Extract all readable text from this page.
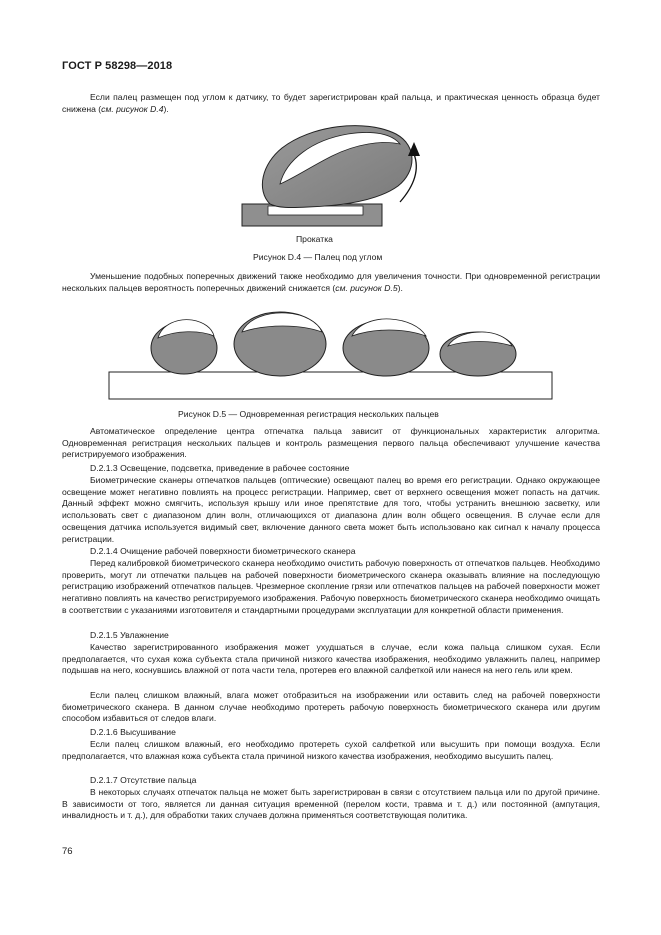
ГОСТ Р 58298—2018

Если палец размещен под углом к датчику, то будет зарегистрирован край пальца, и практическая ценность образца будет снижена (см. рисунок D.4).

Прокатка
Рисунок D.4 — Палец под углом

Уменьшение подобных поперечных движений также необходимо для увеличения точности. При одновременной регистрации нескольких пальцев вероятность поперечных движений снижается (см. рисунок D.5).

Рисунок D.5 — Одновременная регистрация нескольких пальцев

Автоматическое определение центра отпечатка пальца зависит от функциональных характеристик алгоритма. Одновременная регистрация нескольких пальцев и контроль размещения первого пальца обеспечивают улучшение качества регистрируемого изображения.

D.2.1.3 Освещение, подсветка, приведение в рабочее состояние

Биометрические сканеры отпечатков пальцев (оптические) освещают палец во время его регистрации. Однако окружающее освещение может негативно повлиять на процесс регистрации. Например, свет от верхнего освещения может попасть на датчик. Данный эффект можно смягчить, используя крышу или иное препятствие для того, чтобы устранить внешнюю засветку, или использовать свет с диапазоном длин волн, отличающихся от диапазона длин волн общего освещения. В случае если для освещения датчика используется видимый свет, включение данного света может быть использовано как сигнал к началу процесса регистрации.

D.2.1.4 Очищение рабочей поверхности биометрического сканера

Перед калибровкой биометрического сканера необходимо очистить рабочую поверхность от отпечатков пальцев. Необходимо проверить, могут ли отпечатки пальцев на рабочей поверхности биометрического сканера оказывать влияние на последующую регистрацию изображений отпечатков пальцев. Чрезмерное скопление грязи или отпечатков пальцев на рабочей поверхности может негативно повлиять на качество регистрируемого изображения. Рабочую поверхность биометрического сканера необходимо очищать в соответствии с указаниями изготовителя и стандартными процедурами эксплуатации для конкретной области применения.

D.2.1.5 Увлажнение

Качество зарегистрированного изображения может ухудшаться в случае, если кожа пальца слишком сухая. Если предполагается, что сухая кожа субъекта стала причиной низкого качества изображения, необходимо увлажнить палец, например подышав на него, коснувшись влажной от пота части тела, протерев его влажной салфеткой или нанеся на него гель или крем.

Если палец слишком влажный, влага может отобразиться на изображении или оставить след на рабочей поверхности биометрического сканера. В данном случае необходимо протереть рабочую поверхность биометрического сканера или другим способом избавиться от следов влаги.

D.2.1.6 Высушивание

Если палец слишком влажный, его необходимо протереть сухой салфеткой или высушить при помощи воздуха. Если предполагается, что влажная кожа субъекта стала причиной низкого качества изображения, необходимо высушить палец.

D.2.1.7 Отсутствие пальца

В некоторых случаях отпечаток пальца не может быть зарегистрирован в связи с отсутствием пальца или по другой причине. В зависимости от того, является ли данная ситуация временной (перелом кости, травма и т. д.) или постоянной (ампутация, инвалидность и т. д.), для обработки таких случаев должна применяться соответствующая политика.

76
